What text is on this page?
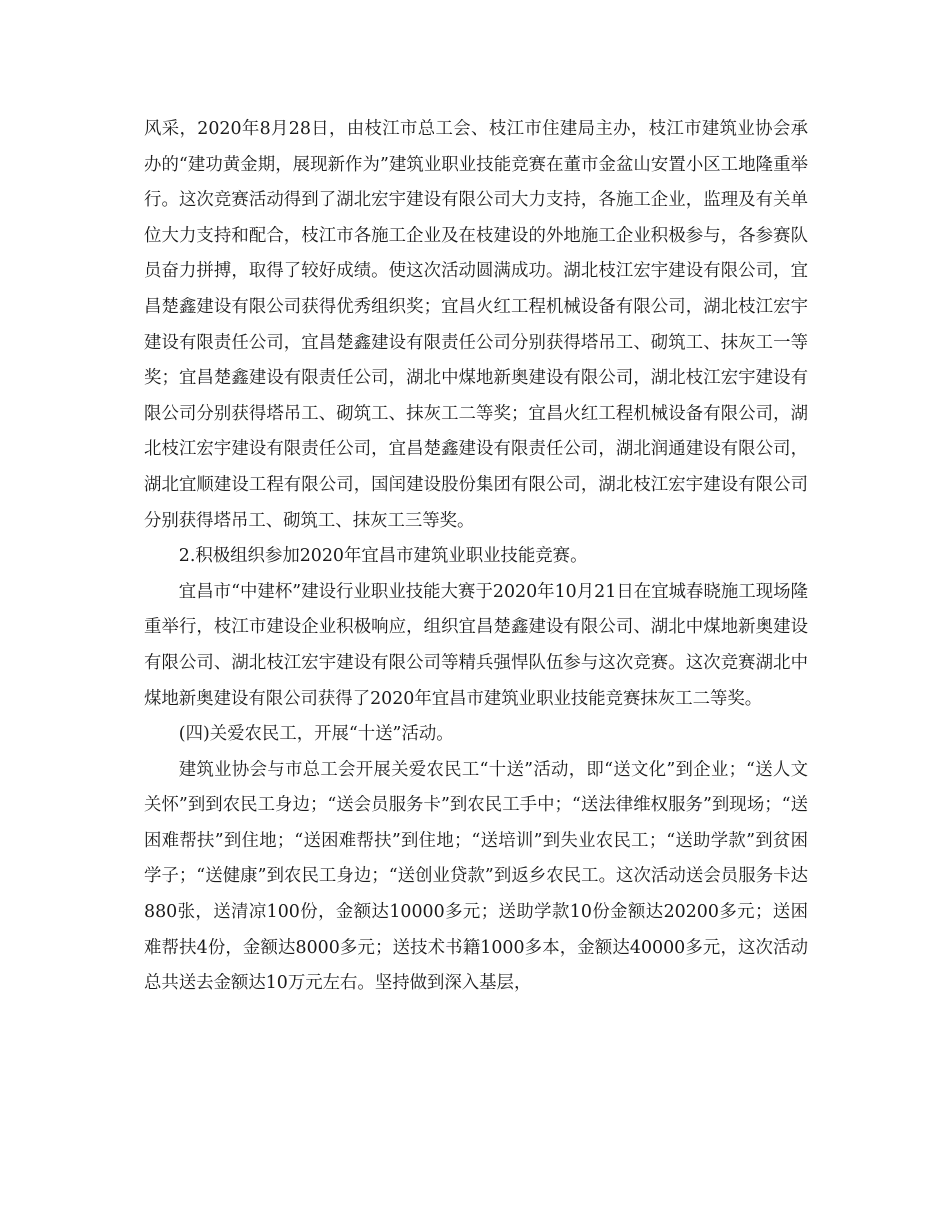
风采，2020年8月28日，由枝江市总工会、枝江市住建局主办，枝江市建筑业协会承办的“建功黄金期，展现新作为”建筑业职业技能竞赛在董市金盆山安置小区工地隆重举行。这次竞赛活动得到了湖北宏宇建设有限公司大力支持，各施工企业，监理及有关单位大力支持和配合，枝江市各施工企业及在枝建设的外地施工企业积极参与，各参赛队员奋力拼搏，取得了较好成绩。使这次活动圆满成功。湖北枝江宏宇建设有限公司，宜昌楚鑫建设有限公司获得优秀组织奖；宜昌火红工程机械设备有限公司，湖北枝江宏宇建设有限责任公司，宜昌楚鑫建设有限责任公司分别获得塔吊工、砌筑工、抹灰工一等奖；宜昌楚鑫建设有限责任公司，湖北中煤地新奥建设有限公司，湖北枝江宏宇建设有限公司分别获得塔吊工、砌筑工、抹灰工二等奖；宜昌火红工程机械设备有限公司，湖北枝江宏宇建设有限责任公司，宜昌楚鑫建设有限责任公司，湖北润通建设有限公司，湖北宜顺建设工程有限公司，国闰建设股份集团有限公司，湖北枝江宏宇建设有限公司分别获得塔吊工、砌筑工、抹灰工三等奖。

2.积极组织参加2020年宜昌市建筑业职业技能竞赛。

宜昌市“中建杯”建设行业职业技能大赛于2020年10月21日在宜城春晓施工现场隆重举行，枝江市建设企业积极响应，组织宜昌楚鑫建设有限公司、湖北中煤地新奥建设有限公司、湖北枝江宏宇建设有限公司等精兵强悍队伍参与这次竞赛。这次竞赛湖北中煤地新奥建设有限公司获得了2020年宜昌市建筑业职业技能竞赛抹灰工二等奖。

(四)关爱农民工，开展“十送”活动。

建筑业协会与市总工会开展关爱农民工“十送”活动，即“送文化”到企业；“送人文关怀”到到农民工身边；“送会员服务卡”到农民工手中；“送法律维权服务”到现场；“送困难帮扶”到住地；“送困难帮扶”到住地；“送培训”到失业农民工；“送助学款”到贫困学子；“送健康”到农民工身边；“送创业贷款”到返乡农民工。这次活动送会员服务卡达880张，送清凉100份，金额达10000多元；送助学款10份金额达20200多元；送困难帮扶4份，金额达8000多元；送技术书籍1000多本，金额达40000多元，这次活动总共送去金额达10万元左右。坚持做到深入基层，
